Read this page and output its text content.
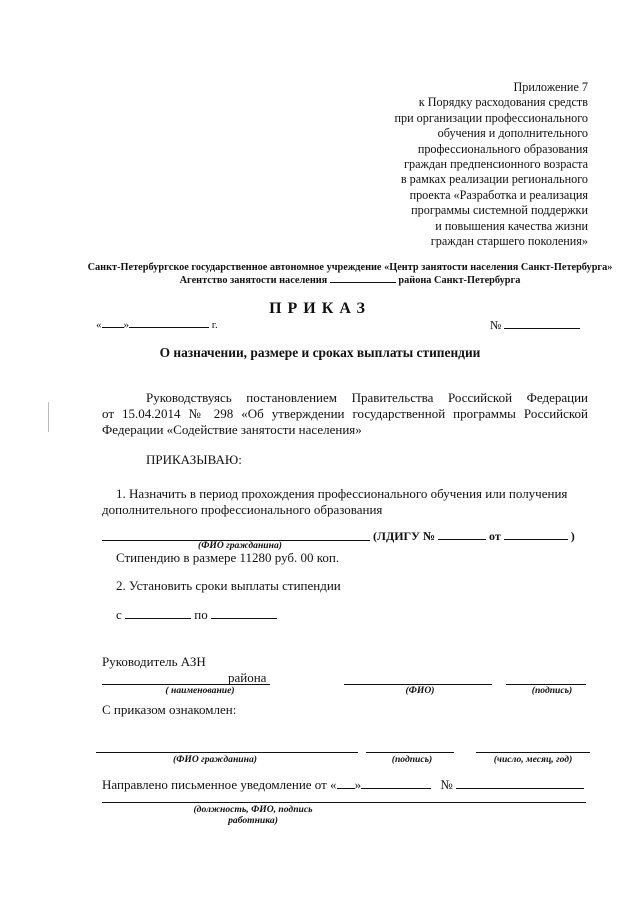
Приложение 7
к Порядку расходования средств
при организации профессионального
обучения и дополнительного
профессионального образования
граждан предпенсионного возраста
в рамках реализации регионального
проекта «Разработка и реализация
программы системной поддержки
и повышения качества жизни
граждан старшего поколения»
Санкт-Петербургское государственное автономное учреждение «Центр занятости населения Санкт-Петербурга»
Агентство занятости населения	района Санкт-Петербурга
ПРИКАЗ
« »	г.	№
О назначении, размере и сроках выплаты стипендии
Руководствуясь постановлением Правительства Российской Федерации
от 15.04.2014 № 298 «Об утверждении государственной программы Российской
Федерации «Содействие занятости населения»
ПРИКАЗЫВАЮ:
1. Назначить в период прохождения профессионального обучения или получения
дополнительного профессионального образования
(ЛДИГУ №	от	)
(ФИО гражданина)
Стипендию в размере 11280 руб. 00 коп.
2. Установить сроки выплаты стипендии
с	по
Руководитель АЗН
района
( наименование)	(ФИО)	(подпись)
С приказом ознакомлен:
(ФИО гражданина)	(подпись)	(число, месяц, год)
Направлено письменное уведомление от « »	№
(должность, ФИО, подпись работника)
